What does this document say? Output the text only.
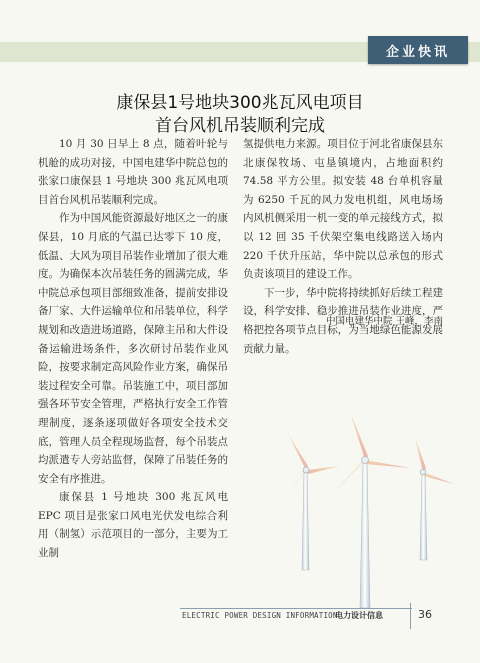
企业快讯
康保县1号地块300兆瓦风电项目
首台风机吊装顺利完成

10 月 30 日早上 8 点，随着叶轮与机舱的成功对接，中国电建华中院总包的张家口康保县 1 号地块 300 兆瓦风电项目首台风机吊装顺利完成。

作为中国风能资源最好地区之一的康保县，10 月底的气温已达零下 10 度，低温、大风为项目吊装作业增加了很大难度。为确保本次吊装任务的圆满完成，华中院总承包项目部细致准备，提前安排设备厂家、大件运输单位和吊装单位，科学规划和改造进场道路，保障主吊和大件设备运输进场条件，多次研讨吊装作业风险，按要求制定高风险作业方案，确保吊装过程安全可靠。吊装施工中，项目部加强各环节安全管理，严格执行安全工作管理制度，逐条逐项做好各项安全技术交底，管理人员全程现场监督，每个吊装点均派遣专人旁站监督，保障了吊装任务的安全有序推进。

康保县 1 号地块 300 兆瓦风电 EPC 项目是张家口风电光伏发电综合利用（制氢）示范项目的一部分，主要为工业制

氢提供电力来源。项目位于河北省康保县东北康保牧场、屯垦镇境内，占地面积约 74.58 平方公里。拟安装 48 台单机容量为 6250 千瓦的风力发电机组，风电场场内风机侧采用一机一变的单元接线方式，拟以 12 回 35 千伏架空集电线路送入场内 220 千伏升压站，华中院以总承包的形式负责该项目的建设工作。

下一步，华中院将持续抓好后续工程建设，科学安排、稳步推进吊装作业进度，严格把控各项节点目标，为当地绿色能源发展贡献力量。

中国电建华中院 王峰，李南
ELECTRIC POWER DESIGN INFORMATION
电力设计信息	36
